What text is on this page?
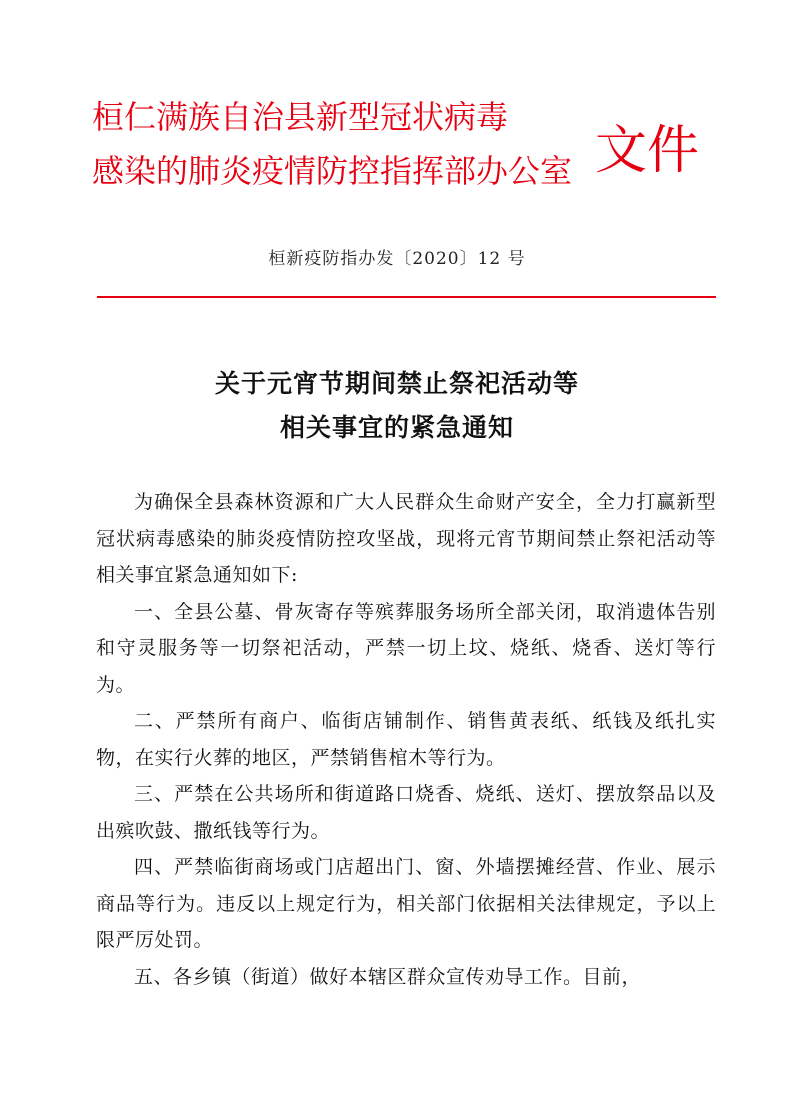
桓仁满族自治县新型冠状病毒
感染的肺炎疫情防控指挥部办公室 文件
桓新疫防指办发〔2020〕12 号
关于元宵节期间禁止祭祀活动等
相关事宜的紧急通知

为确保全县森林资源和广大人民群众生命财产安全，全力打赢新型冠状病毒感染的肺炎疫情防控攻坚战，现将元宵节期间禁止祭祀活动等相关事宜紧急通知如下:

一、全县公墓、骨灰寄存等殡葬服务场所全部关闭，取消遗体告别和守灵服务等一切祭祀活动，严禁一切上坟、烧纸、烧香、送灯等行为。

二、严禁所有商户、临街店铺制作、销售黄表纸、纸钱及纸扎实物，在实行火葬的地区，严禁销售棺木等行为。

三、严禁在公共场所和街道路口烧香、烧纸、送灯、摆放祭品以及出殡吹鼓、撒纸钱等行为。

四、严禁临街商场或门店超出门、窗、外墙摆摊经营、作业、展示商品等行为。违反以上规定行为，相关部门依据相关法律规定，予以上限严厉处罚。

五、各乡镇（街道）做好本辖区群众宣传劝导工作。目前，
